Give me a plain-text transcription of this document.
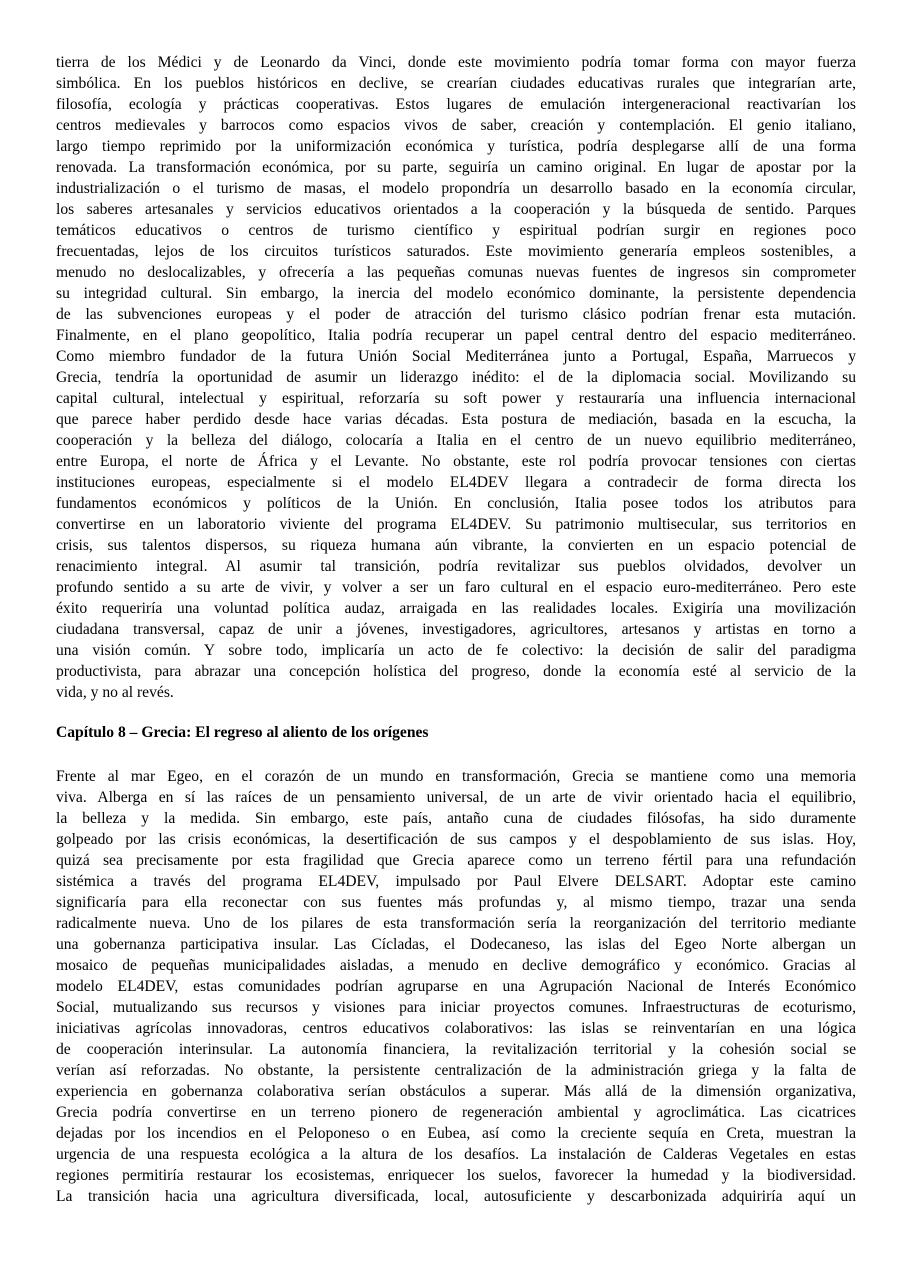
tierra de los Médici y de Leonardo da Vinci, donde este movimiento podría tomar forma con mayor fuerza
simbólica. En los pueblos históricos en declive, se crearían ciudades educativas rurales que integrarían arte,
filosofía, ecología y prácticas cooperativas. Estos lugares de emulación intergeneracional reactivarían los
centros medievales y barrocos como espacios vivos de saber, creación y contemplación. El genio italiano,
largo tiempo reprimido por la uniformización económica y turística, podría desplegarse allí de una forma
renovada. La transformación económica, por su parte, seguiría un camino original. En lugar de apostar por la
industrialización o el turismo de masas, el modelo propondría un desarrollo basado en la economía circular,
los saberes artesanales y servicios educativos orientados a la cooperación y la búsqueda de sentido. Parques
temáticos educativos o centros de turismo científico y espiritual podrían surgir en regiones poco
frecuentadas, lejos de los circuitos turísticos saturados. Este movimiento generaría empleos sostenibles, a
menudo no deslocalizables, y ofrecería a las pequeñas comunas nuevas fuentes de ingresos sin comprometer
su integridad cultural. Sin embargo, la inercia del modelo económico dominante, la persistente dependencia
de las subvenciones europeas y el poder de atracción del turismo clásico podrían frenar esta mutación.
Finalmente, en el plano geopolítico, Italia podría recuperar un papel central dentro del espacio mediterráneo.
Como miembro fundador de la futura Unión Social Mediterránea junto a Portugal, España, Marruecos y
Grecia, tendría la oportunidad de asumir un liderazgo inédito: el de la diplomacia social. Movilizando su
capital cultural, intelectual y espiritual, reforzaría su soft power y restauraría una influencia internacional
que parece haber perdido desde hace varias décadas. Esta postura de mediación, basada en la escucha, la
cooperación y la belleza del diálogo, colocaría a Italia en el centro de un nuevo equilibrio mediterráneo,
entre Europa, el norte de África y el Levante. No obstante, este rol podría provocar tensiones con ciertas
instituciones europeas, especialmente si el modelo EL4DEV llegara a contradecir de forma directa los
fundamentos económicos y políticos de la Unión. En conclusión, Italia posee todos los atributos para
convertirse en un laboratorio viviente del programa EL4DEV. Su patrimonio multisecular, sus territorios en
crisis, sus talentos dispersos, su riqueza humana aún vibrante, la convierten en un espacio potencial de
renacimiento integral. Al asumir tal transición, podría revitalizar sus pueblos olvidados, devolver un
profundo sentido a su arte de vivir, y volver a ser un faro cultural en el espacio euro-mediterráneo. Pero este
éxito requeriría una voluntad política audaz, arraigada en las realidades locales. Exigiría una movilización
ciudadana transversal, capaz de unir a jóvenes, investigadores, agricultores, artesanos y artistas en torno a
una visión común. Y sobre todo, implicaría un acto de fe colectivo: la decisión de salir del paradigma
productivista, para abrazar una concepción holística del progreso, donde la economía esté al servicio de la
vida, y no al revés.
Capítulo 8 – Grecia: El regreso al aliento de los orígenes
Frente al mar Egeo, en el corazón de un mundo en transformación, Grecia se mantiene como una memoria
viva. Alberga en sí las raíces de un pensamiento universal, de un arte de vivir orientado hacia el equilibrio,
la belleza y la medida. Sin embargo, este país, antaño cuna de ciudades filósofas, ha sido duramente
golpeado por las crisis económicas, la desertificación de sus campos y el despoblamiento de sus islas. Hoy,
quizá sea precisamente por esta fragilidad que Grecia aparece como un terreno fértil para una refundación
sistémica a través del programa EL4DEV, impulsado por Paul Elvere DELSART. Adoptar este camino
significaría para ella reconectar con sus fuentes más profundas y, al mismo tiempo, trazar una senda
radicalmente nueva. Uno de los pilares de esta transformación sería la reorganización del territorio mediante
una gobernanza participativa insular. Las Cícladas, el Dodecaneso, las islas del Egeo Norte albergan un
mosaico de pequeñas municipalidades aisladas, a menudo en declive demográfico y económico. Gracias al
modelo EL4DEV, estas comunidades podrían agruparse en una Agrupación Nacional de Interés Económico
Social, mutualizando sus recursos y visiones para iniciar proyectos comunes. Infraestructuras de ecoturismo,
iniciativas agrícolas innovadoras, centros educativos colaborativos: las islas se reinventarían en una lógica
de cooperación interinsular. La autonomía financiera, la revitalización territorial y la cohesión social se
verían así reforzadas. No obstante, la persistente centralización de la administración griega y la falta de
experiencia en gobernanza colaborativa serían obstáculos a superar. Más allá de la dimensión organizativa,
Grecia podría convertirse en un terreno pionero de regeneración ambiental y agroclimática. Las cicatrices
dejadas por los incendios en el Peloponeso o en Eubea, así como la creciente sequía en Creta, muestran la
urgencia de una respuesta ecológica a la altura de los desafíos. La instalación de Calderas Vegetales en estas
regiones permitiría restaurar los ecosistemas, enriquecer los suelos, favorecer la humedad y la biodiversidad.
La transición hacia una agricultura diversificada, local, autosuficiente y descarbonizada adquiriría aquí un
